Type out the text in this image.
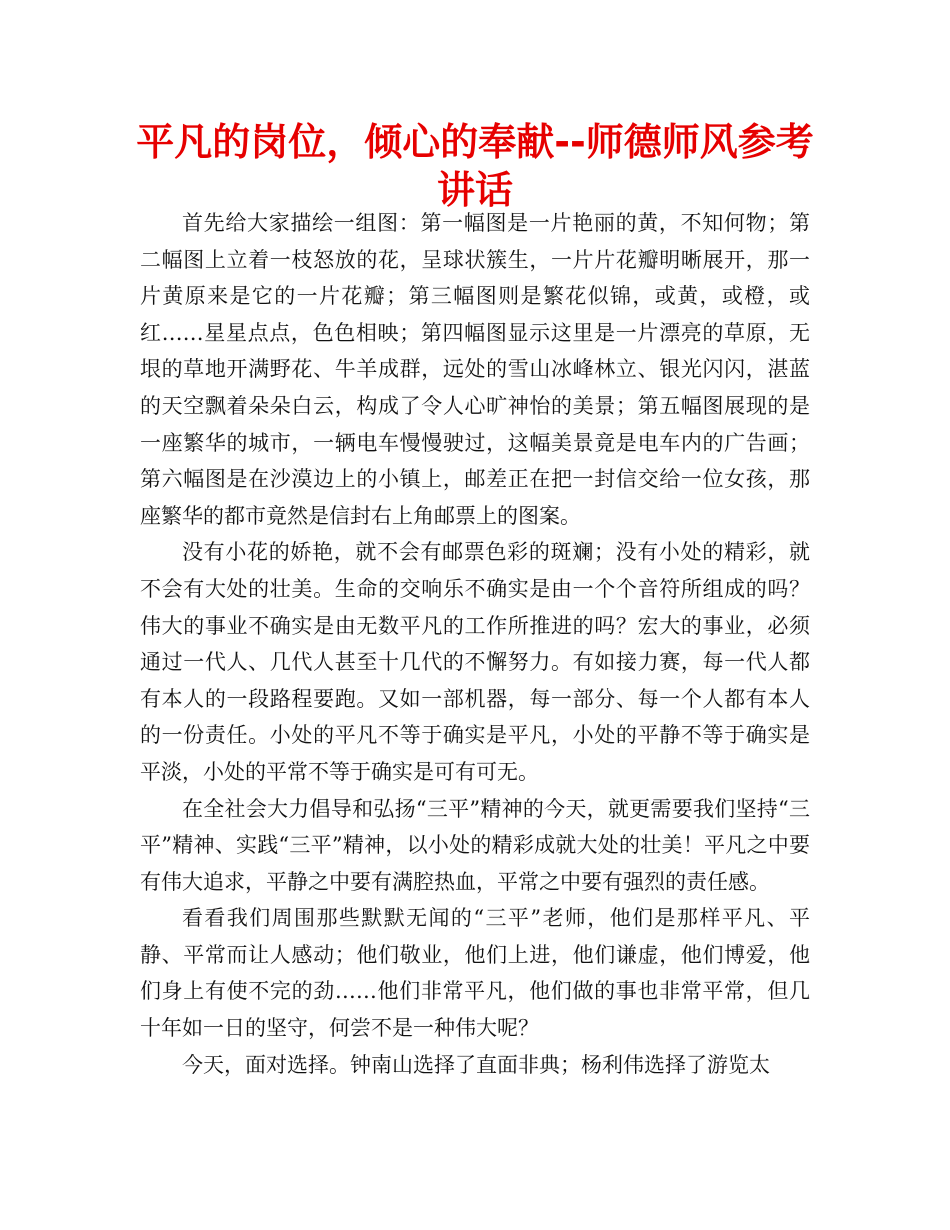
平凡的岗位，倾心的奉献--师德师风参考讲话

首先给大家描绘一组图：第一幅图是一片艳丽的黄，不知何物；第二幅图上立着一枝怒放的花，呈球状簇生，一片片花瓣明晰展开，那一片黄原来是它的一片花瓣；第三幅图则是繁花似锦，或黄，或橙，或红……星星点点，色色相映；第四幅图显示这里是一片漂亮的草原，无垠的草地开满野花、牛羊成群，远处的雪山冰峰林立、银光闪闪，湛蓝的天空飘着朵朵白云，构成了令人心旷神怡的美景；第五幅图展现的是一座繁华的城市，一辆电车慢慢驶过，这幅美景竟是电车内的广告画；第六幅图是在沙漠边上的小镇上，邮差正在把一封信交给一位女孩，那座繁华的都市竟然是信封右上角邮票上的图案。

没有小花的娇艳，就不会有邮票色彩的斑斓；没有小处的精彩，就不会有大处的壮美。生命的交响乐不确实是由一个个音符所组成的吗？伟大的事业不确实是由无数平凡的工作所推进的吗？宏大的事业，必须通过一代人、几代人甚至十几代的不懈努力。有如接力赛，每一代人都有本人的一段路程要跑。又如一部机器，每一部分、每一个人都有本人的一份责任。小处的平凡不等于确实是平凡，小处的平静不等于确实是平淡，小处的平常不等于确实是可有可无。

在全社会大力倡导和弘扬“三平”精神的今天，就更需要我们坚持“三平”精神、实践“三平”精神，以小处的精彩成就大处的壮美！平凡之中要有伟大追求，平静之中要有满腔热血，平常之中要有强烈的责任感。

看看我们周围那些默默无闻的“三平”老师，他们是那样平凡、平静、平常而让人感动；他们敬业，他们上进，他们谦虚，他们博爱，他们身上有使不完的劲……他们非常平凡，他们做的事也非常平常，但几十年如一日的坚守，何尝不是一种伟大呢？

今天，面对选择。钟南山选择了直面非典；杨利伟选择了游览太
